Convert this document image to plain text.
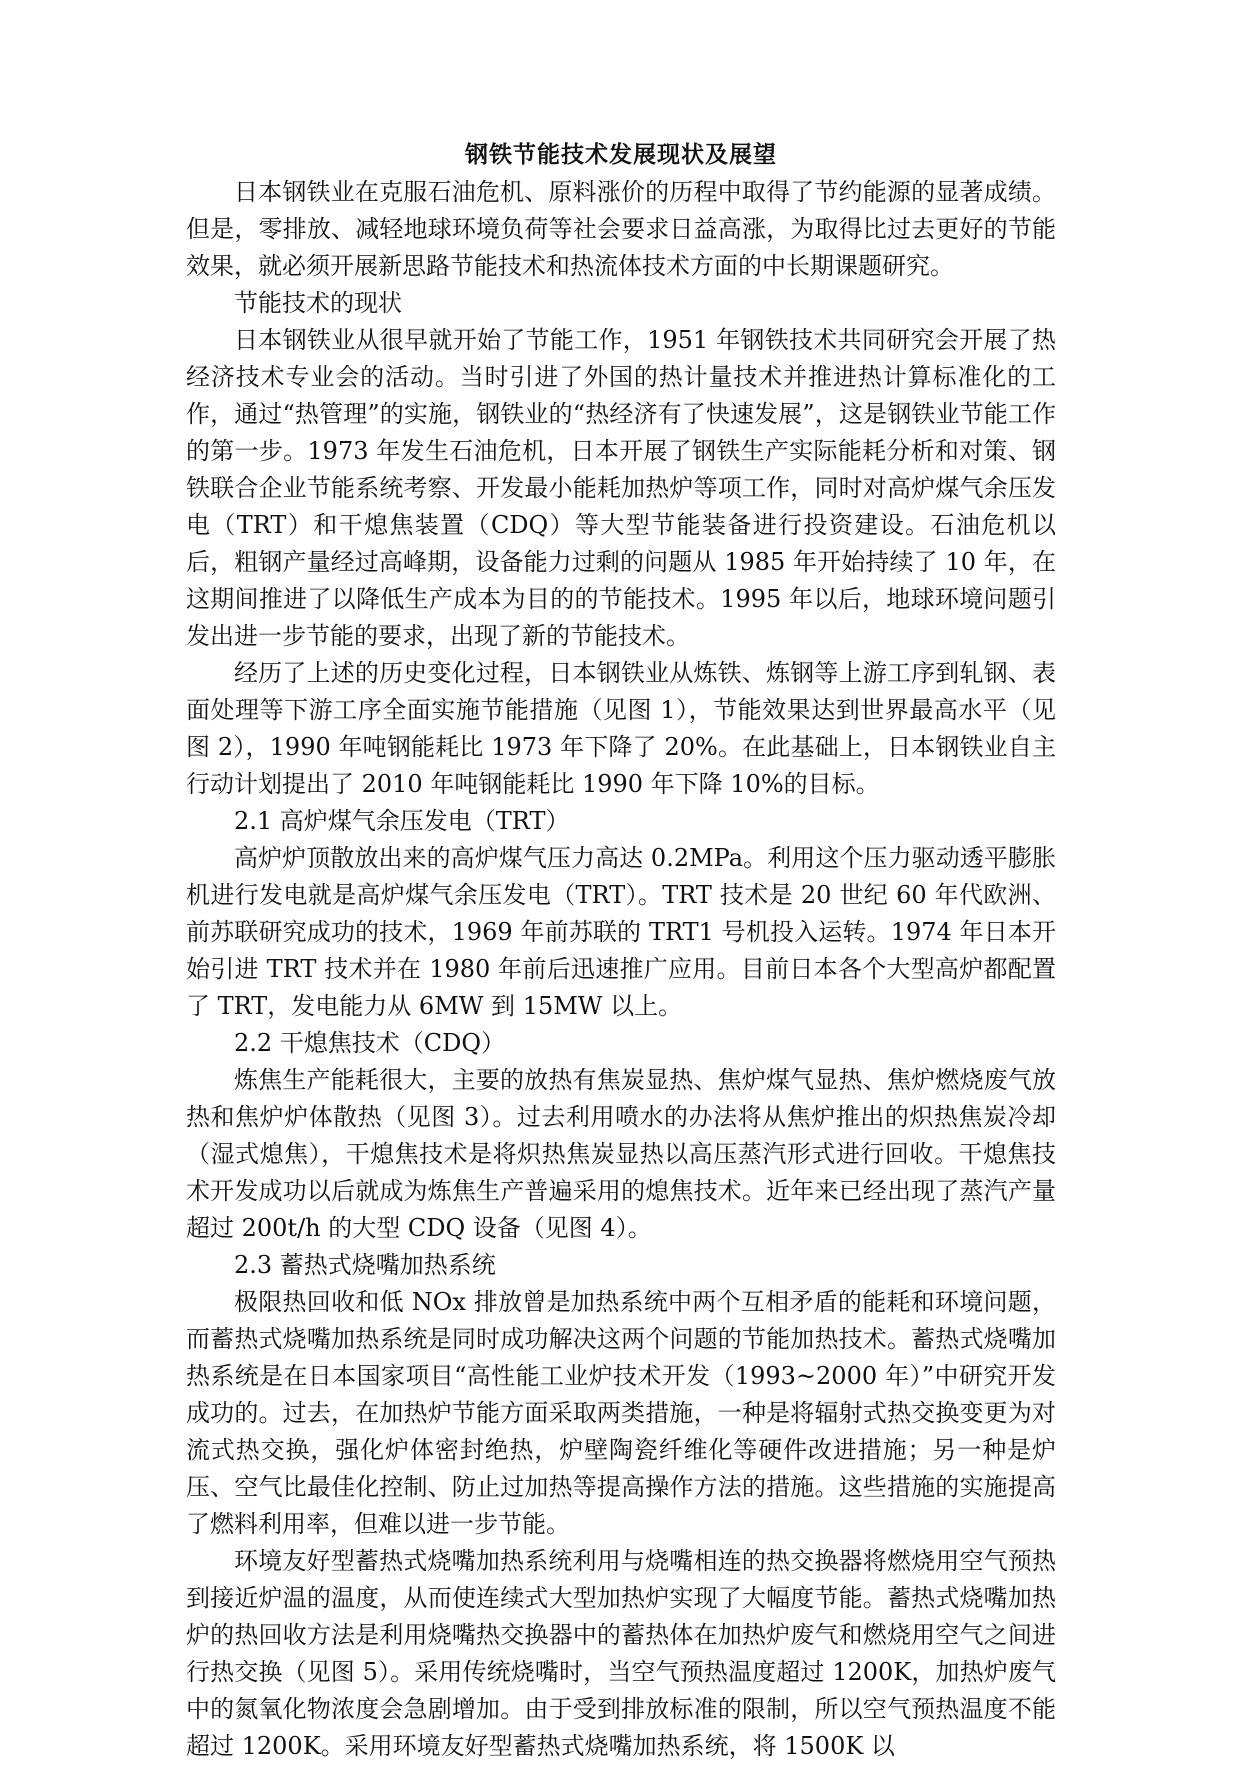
钢铁节能技术发展现状及展望

日本钢铁业在克服石油危机、原料涨价的历程中取得了节约能源的显著成绩。但是，零排放、减轻地球环境负荷等社会要求日益高涨，为取得比过去更好的节能效果，就必须开展新思路节能技术和热流体技术方面的中长期课题研究。

节能技术的现状

日本钢铁业从很早就开始了节能工作，1951 年钢铁技术共同研究会开展了热经济技术专业会的活动。当时引进了外国的热计量技术并推进热计算标准化的工作，通过“热管理”的实施，钢铁业的“热经济有了快速发展”，这是钢铁业节能工作的第一步。1973 年发生石油危机，日本开展了钢铁生产实际能耗分析和对策、钢铁联合企业节能系统考察、开发最小能耗加热炉等项工作，同时对高炉煤气余压发电（TRT）和干熄焦装置（CDQ）等大型节能装备进行投资建设。石油危机以后，粗钢产量经过高峰期，设备能力过剩的问题从 1985 年开始持续了 10 年，在这期间推进了以降低生产成本为目的的节能技术。1995 年以后，地球环境问题引发出进一步节能的要求，出现了新的节能技术。

经历了上述的历史变化过程，日本钢铁业从炼铁、炼钢等上游工序到轧钢、表面处理等下游工序全面实施节能措施（见图 1），节能效果达到世界最高水平（见图 2），1990 年吨钢能耗比 1973 年下降了 20%。在此基础上，日本钢铁业自主行动计划提出了 2010 年吨钢能耗比 1990 年下降 10%的目标。

2.1 高炉煤气余压发电（TRT）

高炉炉顶散放出来的高炉煤气压力高达 0.2MPa。利用这个压力驱动透平膨胀机进行发电就是高炉煤气余压发电（TRT）。TRT 技术是 20 世纪 60 年代欧洲、前苏联研究成功的技术，1969 年前苏联的 TRT1 号机投入运转。1974 年日本开始引进 TRT 技术并在 1980 年前后迅速推广应用。目前日本各个大型高炉都配置了 TRT，发电能力从 6MW 到 15MW 以上。

2.2 干熄焦技术（CDQ）

炼焦生产能耗很大，主要的放热有焦炭显热、焦炉煤气显热、焦炉燃烧废气放热和焦炉炉体散热（见图 3）。过去利用喷水的办法将从焦炉推出的炽热焦炭冷却（湿式熄焦），干熄焦技术是将炽热焦炭显热以高压蒸汽形式进行回收。干熄焦技术开发成功以后就成为炼焦生产普遍采用的熄焦技术。近年来已经出现了蒸汽产量超过 200t/h 的大型 CDQ 设备（见图 4）。

2.3 蓄热式烧嘴加热系统

极限热回收和低 NOx 排放曾是加热系统中两个互相矛盾的能耗和环境问题，而蓄热式烧嘴加热系统是同时成功解决这两个问题的节能加热技术。蓄热式烧嘴加热系统是在日本国家项目“高性能工业炉技术开发（1993~2000 年）”中研究开发成功的。过去，在加热炉节能方面采取两类措施，一种是将辐射式热交换变更为对流式热交换，强化炉体密封绝热，炉壁陶瓷纤维化等硬件改进措施；另一种是炉压、空气比最佳化控制、防止过加热等提高操作方法的措施。这些措施的实施提高了燃料利用率，但难以进一步节能。

环境友好型蓄热式烧嘴加热系统利用与烧嘴相连的热交换器将燃烧用空气预热到接近炉温的温度，从而使连续式大型加热炉实现了大幅度节能。蓄热式烧嘴加热炉的热回收方法是利用烧嘴热交换器中的蓄热体在加热炉废气和燃烧用空气之间进行热交换（见图 5）。采用传统烧嘴时，当空气预热温度超过 1200K，加热炉废气中的氮氧化物浓度会急剧增加。由于受到排放标准的限制，所以空气预热温度不能超过 1200K。采用环境友好型蓄热式烧嘴加热系统，将 1500K 以
